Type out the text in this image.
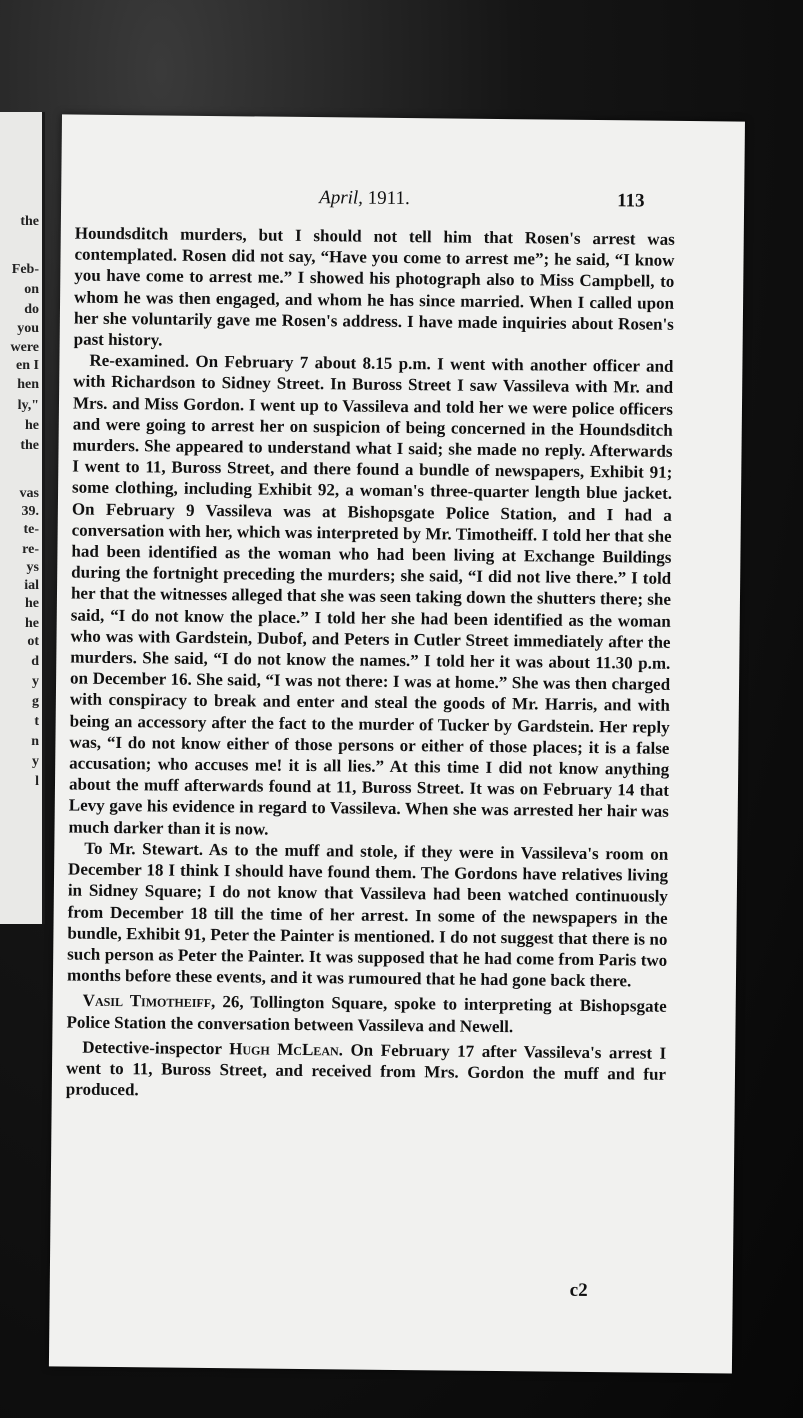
the
Feb-
on
do
you
were
en I
hen
ly,"
he
the
vas
39.
te-
re-
ys
ial
he
he
ot
d
y
g
t
n
y
l
April, 1911.	113

Houndsditch murders, but I should not tell him that Rosen's arrest was contemplated. Rosen did not say, “Have you come to arrest me”; he said, “I know you have come to arrest me.” I showed his photograph also to Miss Campbell, to whom he was then engaged, and whom he has since married. When I called upon her she voluntarily gave me Rosen's address. I have made inquiries about Rosen's past history.

Re-examined. On February 7 about 8.15 p.m. I went with another officer and with Richardson to Sidney Street. In Buross Street I saw Vassileva with Mr. and Mrs. and Miss Gordon. I went up to Vassileva and told her we were police officers and were going to arrest her on suspicion of being concerned in the Houndsditch murders. She appeared to understand what I said; she made no reply. Afterwards I went to 11, Buross Street, and there found a bundle of newspapers, Exhibit 91; some clothing, including Exhibit 92, a woman's three-quarter length blue jacket. On February 9 Vassileva was at Bishopsgate Police Station, and I had a conversation with her, which was interpreted by Mr. Timotheiff. I told her that she had been identified as the woman who had been living at Exchange Buildings during the fortnight preceding the murders; she said, “I did not live there.” I told her that the witnesses alleged that she was seen taking down the shutters there; she said, “I do not know the place.” I told her she had been identified as the woman who was with Gardstein, Dubof, and Peters in Cutler Street immediately after the murders. She said, “I do not know the names.” I told her it was about 11.30 p.m. on December 16. She said, “I was not there: I was at home.” She was then charged with conspiracy to break and enter and steal the goods of Mr. Harris, and with being an accessory after the fact to the murder of Tucker by Gardstein. Her reply was, “I do not know either of those persons or either of those places; it is a false accusation; who accuses me! it is all lies.” At this time I did not know anything about the muff afterwards found at 11, Buross Street. It was on February 14 that Levy gave his evidence in regard to Vassileva. When she was arrested her hair was much darker than it is now.

To Mr. Stewart. As to the muff and stole, if they were in Vassileva's room on December 18 I think I should have found them. The Gordons have relatives living in Sidney Square; I do not know that Vassileva had been watched continuously from December 18 till the time of her arrest. In some of the newspapers in the bundle, Exhibit 91, Peter the Painter is mentioned. I do not suggest that there is no such person as Peter the Painter. It was supposed that he had come from Paris two months before these events, and it was rumoured that he had gone back there.

Vasil Timotheiff, 26, Tollington Square, spoke to interpreting at Bishopsgate Police Station the conversation between Vassileva and Newell.

Detective-inspector Hugh McLean. On February 17 after Vassileva's arrest I went to 11, Buross Street, and received from Mrs. Gordon the muff and fur produced.

c2
